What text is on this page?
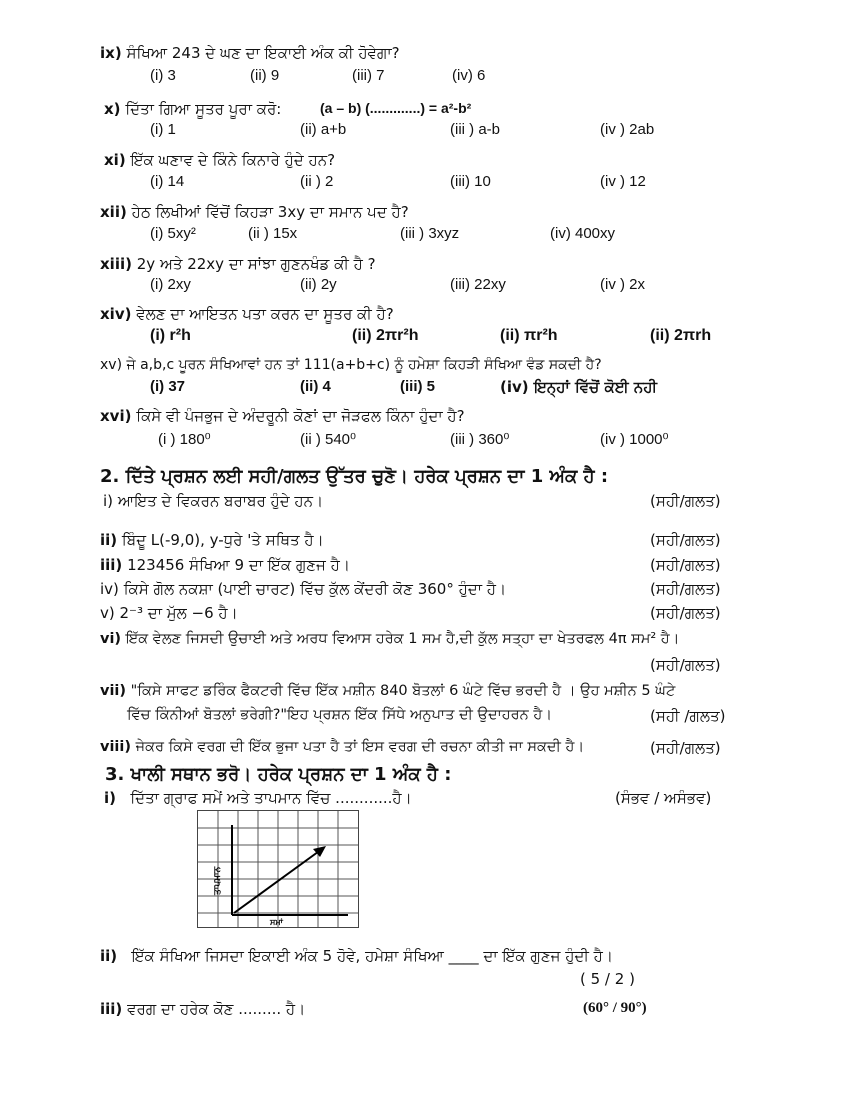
ix) ਸੰਖਿਆ 243 ਦੇ ਘਣ ਦਾ ਇਕਾਈ ਅੰਕ ਕੀ ਹੋਵੇਗਾ?
(i) 3	(ii) 9	(iii) 7	(iv) 6
x) ਦਿੱਤਾ ਗਿਆ ਸੂਤਰ ਪੂਰਾ ਕਰੋ:	(a – b) (.............) = a²-b²
(i) 1	(ii) a+b	(iii ) a-b	(iv ) 2ab
xi) ਇੱਕ ਘਣਾਵ ਦੇ ਕਿੰਨੇ ਕਿਨਾਰੇ ਹੁੰਦੇ ਹਨ?
(i) 14	(ii ) 2	(iii) 10	(iv ) 12
xii) ਹੇਠ ਲਿਖੀਆਂ ਵਿੱਚੋਂ ਕਿਹੜਾ 3xy ਦਾ ਸਮਾਨ ਪਦ ਹੈ?
(i) 5xy²	(ii ) 15x	(iii ) 3xyz	(iv) 400xy
xiii) 2y ਅਤੇ 22xy ਦਾ ਸਾਂਝਾ ਗੁਣਨਖੰਡ ਕੀ ਹੈ ?
(i) 2xy	(ii) 2y	(iii) 22xy	(iv ) 2x
xiv) ਵੇਲਣ ਦਾ ਆਇਤਨ ਪਤਾ ਕਰਨ ਦਾ ਸੂਤਰ ਕੀ ਹੈ?
(i) r²h	(ii) 2πr²h	(ii) πr²h	(ii) 2πrh
xv) ਜੇ a,b,c ਪੂਰਨ ਸੰਖਿਆਵਾਂ ਹਨ ਤਾਂ 111(a+b+c) ਨੂੰ ਹਮੇਸ਼ਾ ਕਿਹੜੀ ਸੰਖਿਆ ਵੰਡ ਸਕਦੀ ਹੈ?
(i) 37	(ii) 4	(iii) 5	(iv) ਇਨ੍ਹਾਂ ਵਿੱਚੋਂ ਕੋਈ ਨਹੀ
xvi) ਕਿਸੇ ਵੀ ਪੰਜਭੁਜ ਦੇ ਅੰਦਰੂਨੀ ਕੋਣਾਂ ਦਾ ਜੋੜਫਲ ਕਿੰਨਾ ਹੁੰਦਾ ਹੈ?
(i ) 180⁰	(ii ) 540⁰	(iii ) 360⁰	(iv ) 1000⁰
2. ਦਿੱਤੇ ਪ੍ਰਸ਼ਨ ਲਈ ਸਹੀ/ਗਲਤ ਉੱਤਰ ਚੁਣੋ। ਹਰੇਕ ਪ੍ਰਸ਼ਨ ਦਾ 1 ਅੰਕ ਹੈ :
i) ਆਇਤ ਦੇ ਵਿਕਰਨ ਬਰਾਬਰ ਹੁੰਦੇ ਹਨ।	(ਸਹੀ/ਗਲਤ)
ii) ਬਿੰਦੂ L(-9,0), y-ਧੁਰੇ 'ਤੇ ਸਥਿਤ ਹੈ।	(ਸਹੀ/ਗਲਤ)
iii) 123456 ਸੰਖਿਆ 9 ਦਾ ਇੱਕ ਗੁਣਜ ਹੈ।	(ਸਹੀ/ਗਲਤ)
iv) ਕਿਸੇ ਗੋਲ ਨਕਸ਼ਾ (ਪਾਈ ਚਾਰਟ) ਵਿੱਚ ਕੁੱਲ ਕੇਂਦਰੀ ਕੋਣ 360° ਹੁੰਦਾ ਹੈ।	(ਸਹੀ/ਗਲਤ)
v) 2⁻³ ਦਾ ਮੁੱਲ −6 ਹੈ।	(ਸਹੀ/ਗਲਤ)
vi) ਇੱਕ ਵੇਲਣ ਜਿਸਦੀ ਉਚਾਈ ਅਤੇ ਅਰਧ ਵਿਆਸ ਹਰੇਕ 1 ਸਮ ਹੈ,ਦੀ ਕੁੱਲ ਸਤ੍ਹਾ ਦਾ ਖੇਤਰਫਲ 4π ਸਮ² ਹੈ।
(ਸਹੀ/ਗਲਤ)
vii) "ਕਿਸੇ ਸਾਫਟ ਡਰਿੰਕ ਫੈਕਟਰੀ ਵਿੱਚ ਇੱਕ ਮਸ਼ੀਨ 840 ਬੋਤਲਾਂ 6 ਘੰਟੇ ਵਿੱਚ ਭਰਦੀ ਹੈ । ਉਹ ਮਸ਼ੀਨ 5 ਘੰਟੇ
ਵਿੱਚ ਕਿੰਨੀਆਂ ਬੋਤਲਾਂ ਭਰੇਗੀ?"ਇਹ ਪ੍ਰਸ਼ਨ ਇੱਕ ਸਿੱਧੇ ਅਨੁਪਾਤ ਦੀ ਉਦਾਹਰਨ ਹੈ।	(ਸਹੀ /ਗਲਤ)
viii) ਜੇਕਰ ਕਿਸੇ ਵਰਗ ਦੀ ਇੱਕ ਭੁਜਾ ਪਤਾ ਹੈ ਤਾਂ ਇਸ ਵਰਗ ਦੀ ਰਚਨਾ ਕੀਤੀ ਜਾ ਸਕਦੀ ਹੈ।	(ਸਹੀ/ਗਲਤ)
3. ਖਾਲੀ ਸਥਾਨ ਭਰੋ। ਹਰੇਕ ਪ੍ਰਸ਼ਨ ਦਾ 1 ਅੰਕ ਹੈ :
i) ਦਿੱਤਾ ਗ੍ਰਾਫ ਸਮੇਂ ਅਤੇ ਤਾਪਮਾਨ ਵਿੱਚ ............ਹੈ।	(ਸੰਭਵ / ਅਸੰਭਵ)
ਤਾਪਮਾਨ
ਸਮਾਂ
ii) ਇੱਕ ਸੰਖਿਆ ਜਿਸਦਾ ਇਕਾਈ ਅੰਕ 5 ਹੋਵੇ, ਹਮੇਸ਼ਾ ਸੰਖਿਆ ____ ਦਾ ਇੱਕ ਗੁਣਜ ਹੁੰਦੀ ਹੈ।
( 5 / 2 )
iii) ਵਰਗ ਦਾ ਹਰੇਕ ਕੋਣ ......... ਹੈ।	(60° / 90°)
